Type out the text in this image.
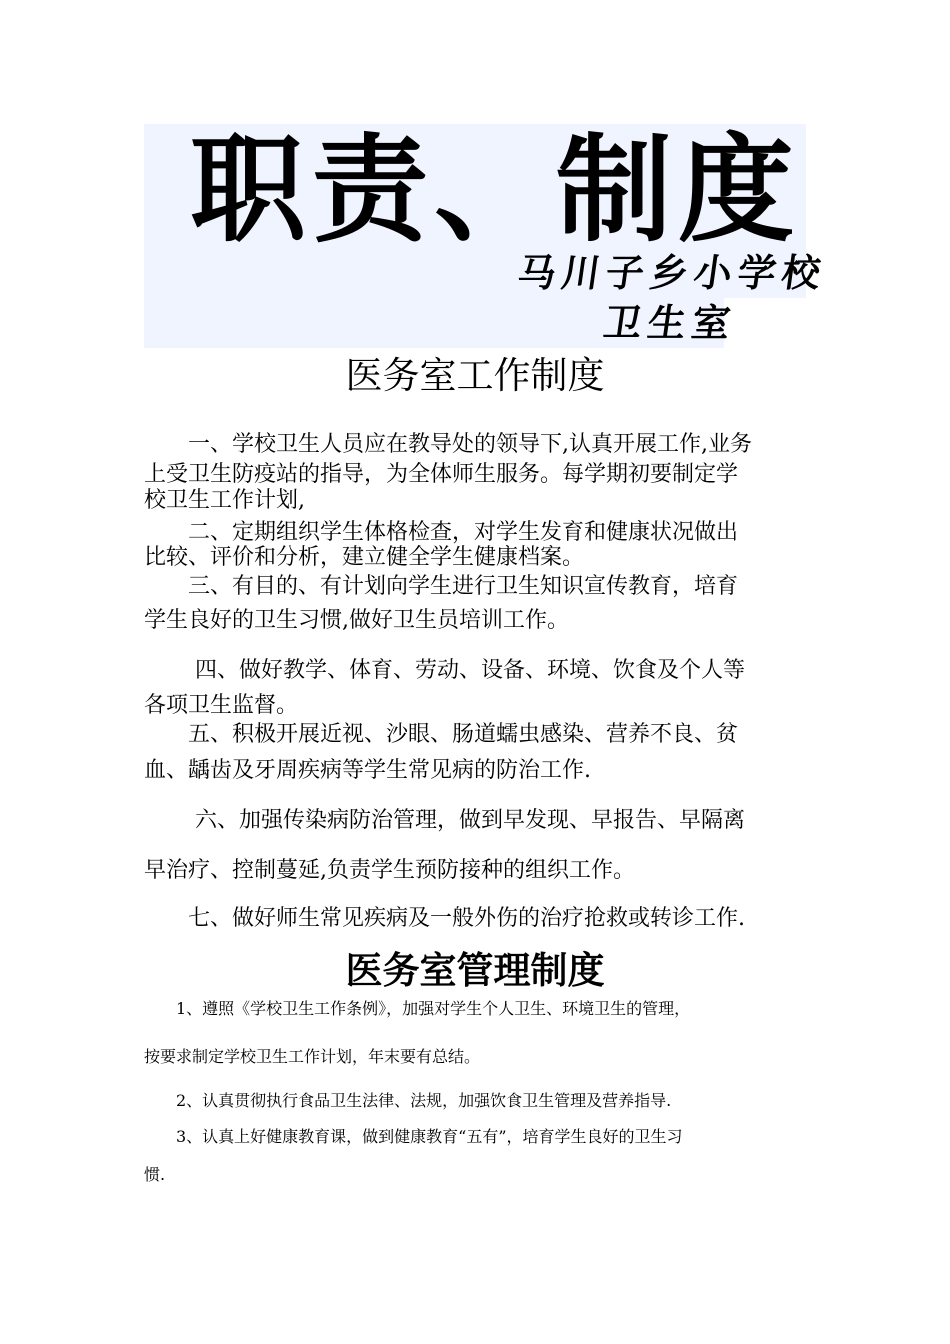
职责、制度
马川子乡小学校
卫生室
医务室工作制度
　　一、学校卫生人员应在教导处的领导下,认真开展工作,业务
上受卫生防疫站的指导，为全体师生服务。每学期初要制定学
校卫生工作计划,
　　二、定期组织学生体格检查，对学生发育和健康状况做出
比较、评价和分析，建立健全学生健康档案。
　　三、有目的、有计划向学生进行卫生知识宣传教育，培育
学生良好的卫生习惯,做好卫生员培训工作。
　　 四、做好教学、体育、劳动、设备、环境、饮食及个人等
各项卫生监督。
　　五、积极开展近视、沙眼、肠道蠕虫感染、营养不良、贫
血、龋齿及牙周疾病等学生常见病的防治工作.
　　 六、加强传染病防治管理，做到早发现、早报告、早隔离
早治疗、控制蔓延,负责学生预防接种的组织工作。
　　七、做好师生常见疾病及一般外伤的治疗抢救或转诊工作.
医务室管理制度
　　1、遵照《学校卫生工作条例》，加强对学生个人卫生、环境卫生的管理，
按要求制定学校卫生工作计划，年末要有总结。
　　2、认真贯彻执行食品卫生法律、法规，加强饮食卫生管理及营养指导.
　　3、认真上好健康教育课，做到健康教育“五有”，培育学生良好的卫生习
惯.
